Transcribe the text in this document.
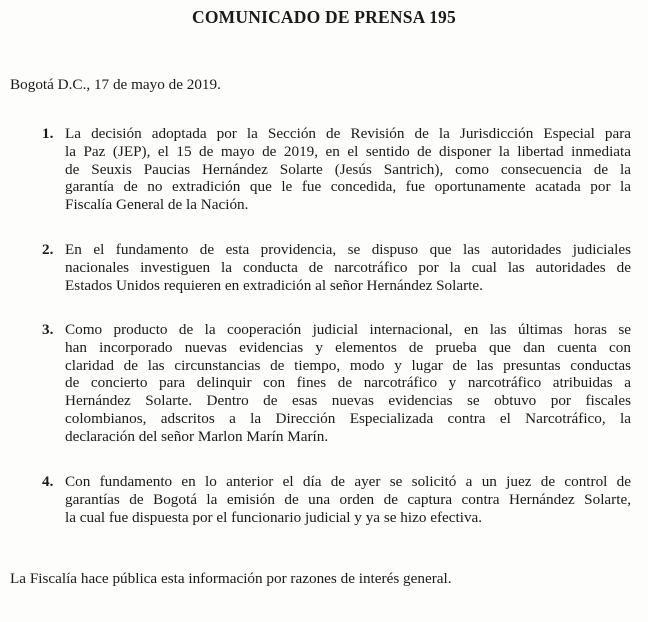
COMUNICADO DE PRENSA 195
Bogotá D.C., 17 de mayo de 2019.
1. La decisión adoptada por la Sección de Revisión de la Jurisdicción Especial para
la Paz (JEP), el 15 de mayo de 2019, en el sentido de disponer la libertad inmediata
de Seuxis Paucias Hernández Solarte (Jesús Santrich), como consecuencia de la
garantía de no extradición que le fue concedida, fue oportunamente acatada por la
Fiscalía General de la Nación.
2. En el fundamento de esta providencia, se dispuso que las autoridades judiciales
nacionales investiguen la conducta de narcotráfico por la cual las autoridades de
Estados Unidos requieren en extradición al señor Hernández Solarte.
3. Como producto de la cooperación judicial internacional, en las últimas horas se
han incorporado nuevas evidencias y elementos de prueba que dan cuenta con
claridad de las circunstancias de tiempo, modo y lugar de las presuntas conductas
de concierto para delinquir con fines de narcotráfico y narcotráfico atribuidas a
Hernández Solarte. Dentro de esas nuevas evidencias se obtuvo por fiscales
colombianos, adscritos a la Dirección Especializada contra el Narcotráfico, la
declaración del señor Marlon Marín Marín.
4. Con fundamento en lo anterior el día de ayer se solicitó a un juez de control de
garantías de Bogotá la emisión de una orden de captura contra Hernández Solarte,
la cual fue dispuesta por el funcionario judicial y ya se hizo efectiva.
La Fiscalía hace pública esta información por razones de interés general.
